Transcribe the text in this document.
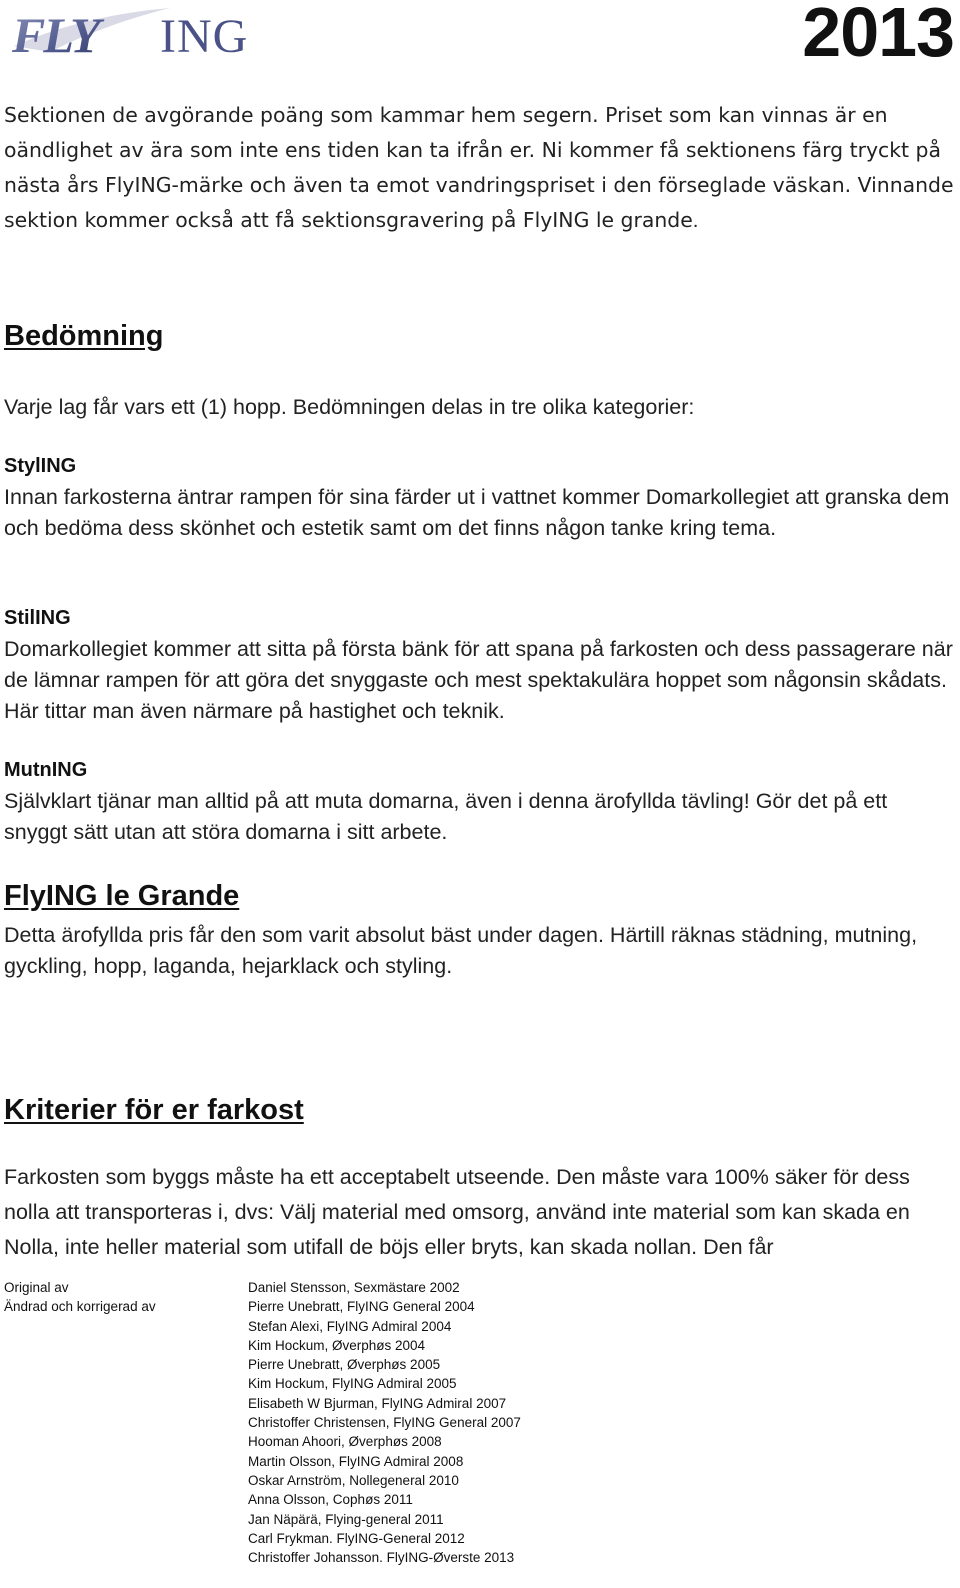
FLY ING	2013

Sektionen de avgörande poäng som kammar hem segern. Priset som kan vinnas är en oändlighet av ära som inte ens tiden kan ta ifrån er. Ni kommer få sektionens färg tryckt på nästa års FlyING-märke och även ta emot vandringspriset i den förseglade väskan. Vinnande sektion kommer också att få sektionsgravering på FlyING le grande.

Bedömning

Varje lag får vars ett (1) hopp. Bedömningen delas in tre olika kategorier:

StylING

Innan farkosterna äntrar rampen för sina färder ut i vattnet kommer Domarkollegiet att granska dem och bedöma dess skönhet och estetik samt om det finns någon tanke kring tema.

StilING

Domarkollegiet kommer att sitta på första bänk för att spana på farkosten och dess passagerare när de lämnar rampen för att göra det snyggaste och mest spektakulära hoppet som någonsin skådats. Här tittar man även närmare på hastighet och teknik.

MutnING

Självklart tjänar man alltid på att muta domarna, även i denna ärofyllda tävling! Gör det på ett snyggt sätt utan att störa domarna i sitt arbete.

FlyING le Grande

Detta ärofyllda pris får den som varit absolut bäst under dagen. Härtill räknas städning, mutning, gyckling, hopp, laganda, hejarklack och styling.

Kriterier för er farkost

Farkosten som byggs måste ha ett acceptabelt utseende. Den måste vara 100% säker för dess nolla att transporteras i, dvs: Välj material med omsorg, använd inte material som kan skada en Nolla, inte heller material som utifall de böjs eller bryts, kan skada nollan. Den får

Original av	Daniel Stensson, Sexmästare 2002
Ändrad och korrigerad av	Pierre Unebratt, FlyING General 2004
Stefan Alexi, FlyING Admiral 2004
Kim Hockum, Øverphøs 2004
Pierre Unebratt, Øverphøs 2005
Kim Hockum, FlyING Admiral 2005
Elisabeth W Bjurman, FlyING Admiral 2007
Christoffer Christensen, FlyING General 2007
Hooman Ahoori, Øverphøs 2008
Martin Olsson, FlyING Admiral 2008
Oskar Arnström, Nollegeneral 2010
Anna Olsson, Cophøs 2011
Jan Näpärä, Flying-general 2011
Carl Frykman. FlyING-General 2012
Christoffer Johansson. FlyING-Øverste 2013
